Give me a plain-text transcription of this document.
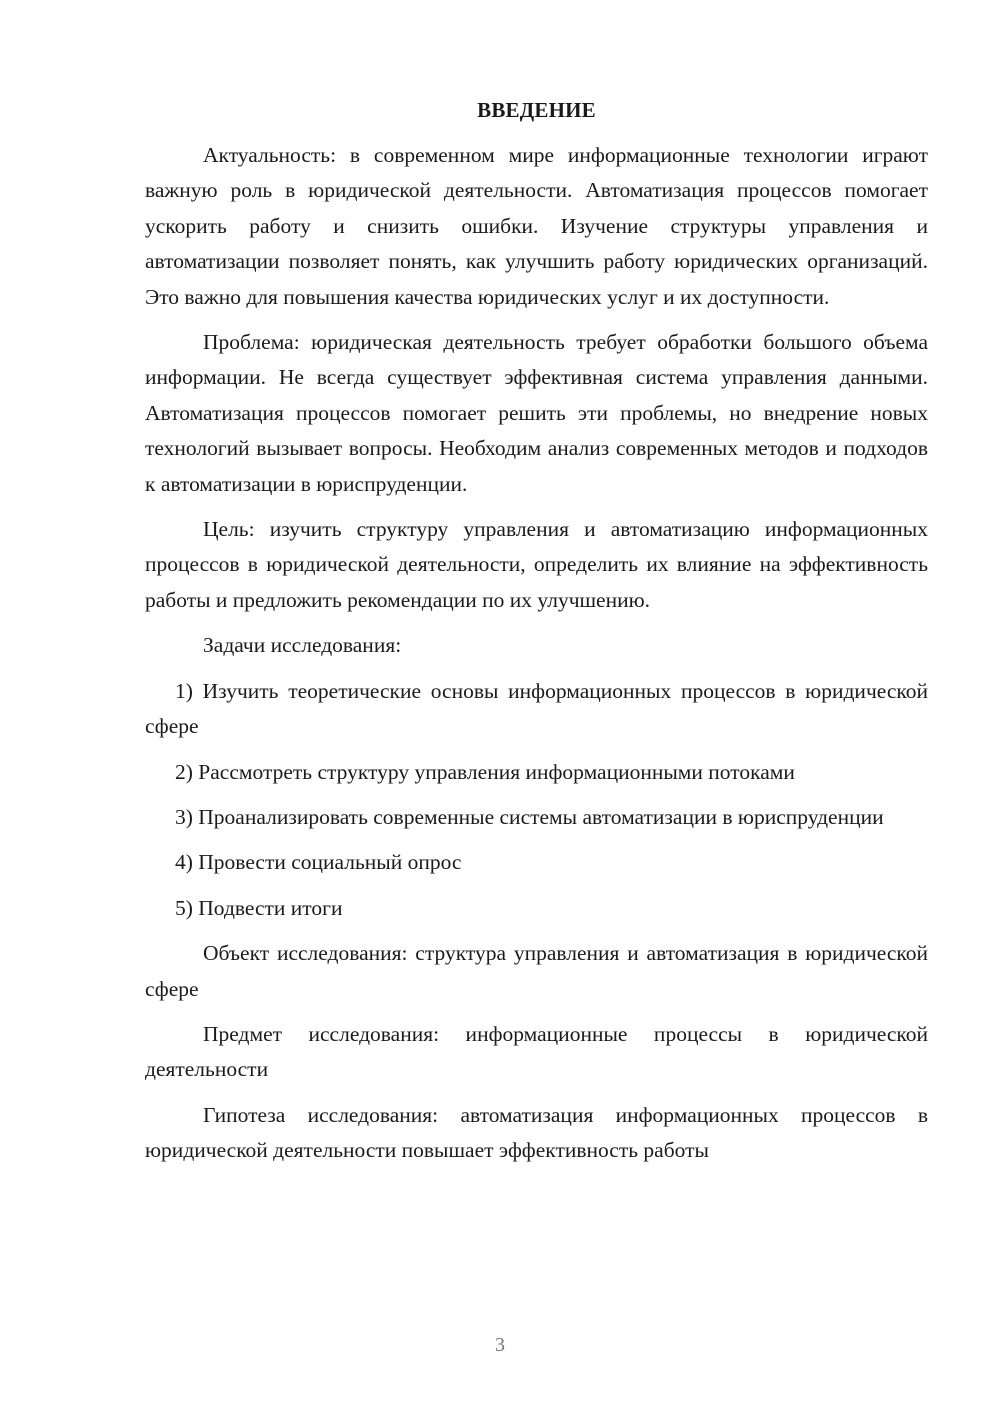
ВВЕДЕНИЕ

Актуальность: в современном мире информационные технологии играют важную роль в юридической деятельности. Автоматизация процессов помогает ускорить работу и снизить ошибки. Изучение структуры управления и автоматизации позволяет понять, как улучшить работу юридических организаций. Это важно для повышения качества юридических услуг и их доступности.

Проблема: юридическая деятельность требует обработки большого объема информации. Не всегда существует эффективная система управления данными. Автоматизация процессов помогает решить эти проблемы, но внедрение новых технологий вызывает вопросы. Необходим анализ современных методов и подходов к автоматизации в юриспруденции.

Цель: изучить структуру управления и автоматизацию информационных процессов в юридической деятельности, определить их влияние на эффективность работы и предложить рекомендации по их улучшению.

Задачи исследования:

1) Изучить теоретические основы информационных процессов в юридической сфере

2) Рассмотреть структуру управления информационными потоками

3) Проанализировать современные системы автоматизации в юриспруденции

4) Провести социальный опрос

5) Подвести итоги

Объект исследования: структура управления и автоматизация в юридической сфере

Предмет исследования: информационные процессы в юридической деятельности

Гипотеза исследования: автоматизация информационных процессов в юридической деятельности повышает эффективность работы

3
